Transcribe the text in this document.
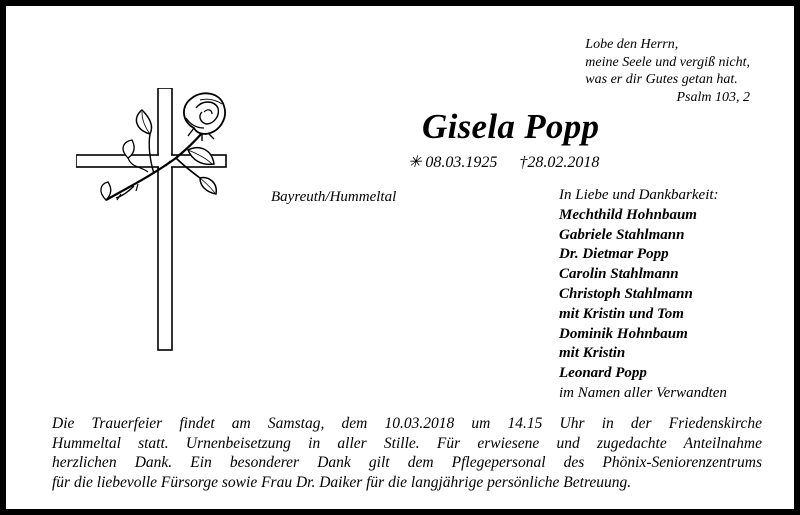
Lobe den Herrn,
meine Seele und vergiß nicht,
was er dir Gutes getan hat.
Psalm 103, 2
Gisela Popp
✳ 08.03.1925 †28.02.2018
Bayreuth/Hummeltal	In Liebe und Dankbarkeit:
Mechthild Hohnbaum
Gabriele Stahlmann
Dr. Dietmar Popp
Carolin Stahlmann
Christoph Stahlmann
mit Kristin und Tom
Dominik Hohnbaum
mit Kristin
Leonard Popp
im Namen aller Verwandten
Die Trauerfeier findet am Samstag, dem 10.03.2018 um 14.15 Uhr in der Friedenskirche
Hummeltal statt. Urnenbeisetzung in aller Stille. Für erwiesene und zugedachte Anteilnahme
herzlichen Dank. Ein besonderer Dank gilt dem Pflegepersonal des Phönix-Seniorenzentrums
für die liebevolle Fürsorge sowie Frau Dr. Daiker für die langjährige persönliche Betreuung.
